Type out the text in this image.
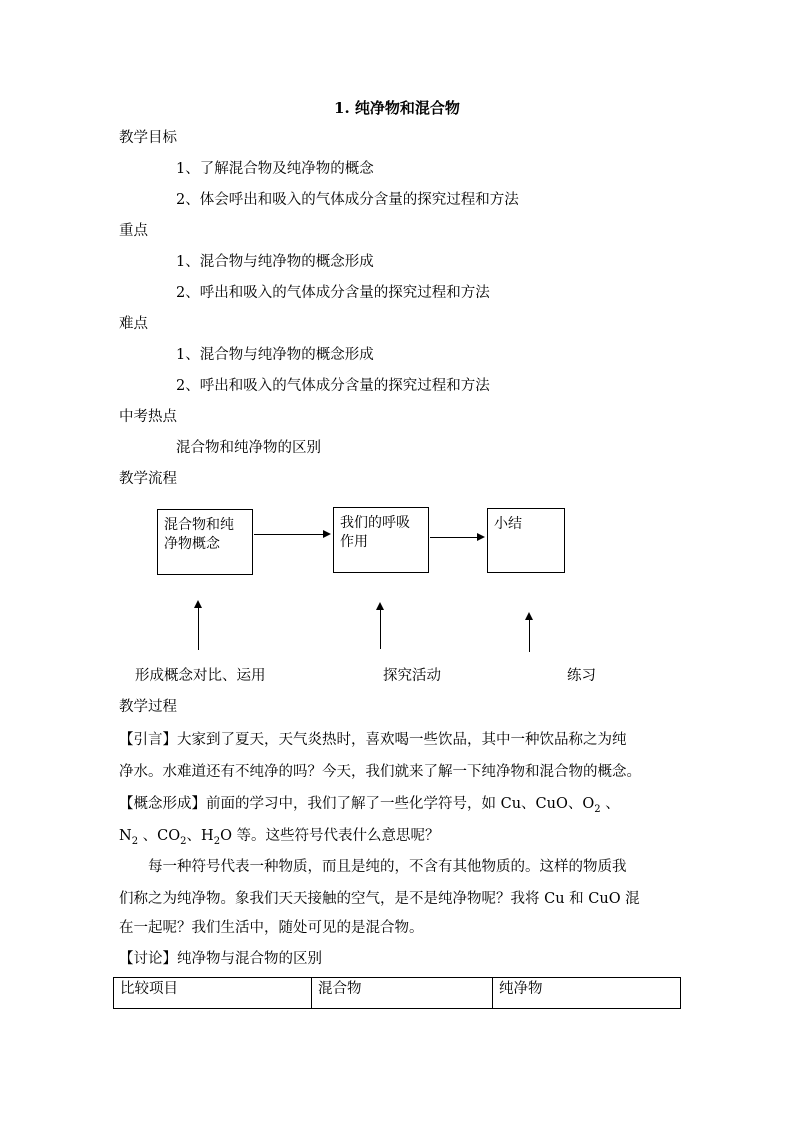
1. 纯净物和混合物
教学目标
1、了解混合物及纯净物的概念
2、体会呼出和吸入的气体成分含量的探究过程和方法
重点
1、混合物与纯净物的概念形成
2、呼出和吸入的气体成分含量的探究过程和方法
难点
1、混合物与纯净物的概念形成
2、呼出和吸入的气体成分含量的探究过程和方法
中考热点
混合物和纯净物的区别
教学流程
混合物和纯净物概念
我们的呼吸作用
小结
形成概念对比、运用	探究活动	练习
教学过程
【引言】大家到了夏天，天气炎热时，喜欢喝一些饮品，其中一种饮品称之为纯
净水。水难道还有不纯净的吗？今天，我们就来了解一下纯净物和混合物的概念。
【概念形成】前面的学习中，我们了解了一些化学符号，如 Cu、CuO、$O_2$ 、
$N_2$ 、$CO_2$、$H_2O$ 等。这些符号代表什么意思呢？
每一种符号代表一种物质，而且是纯的，不含有其他物质的。这样的物质我
们称之为纯净物。象我们天天接触的空气，是不是纯净物呢？我将 Cu 和 CuO 混
在一起呢？我们生活中，随处可见的是混合物。
【讨论】纯净物与混合物的区别
比较项目	混合物	纯净物
